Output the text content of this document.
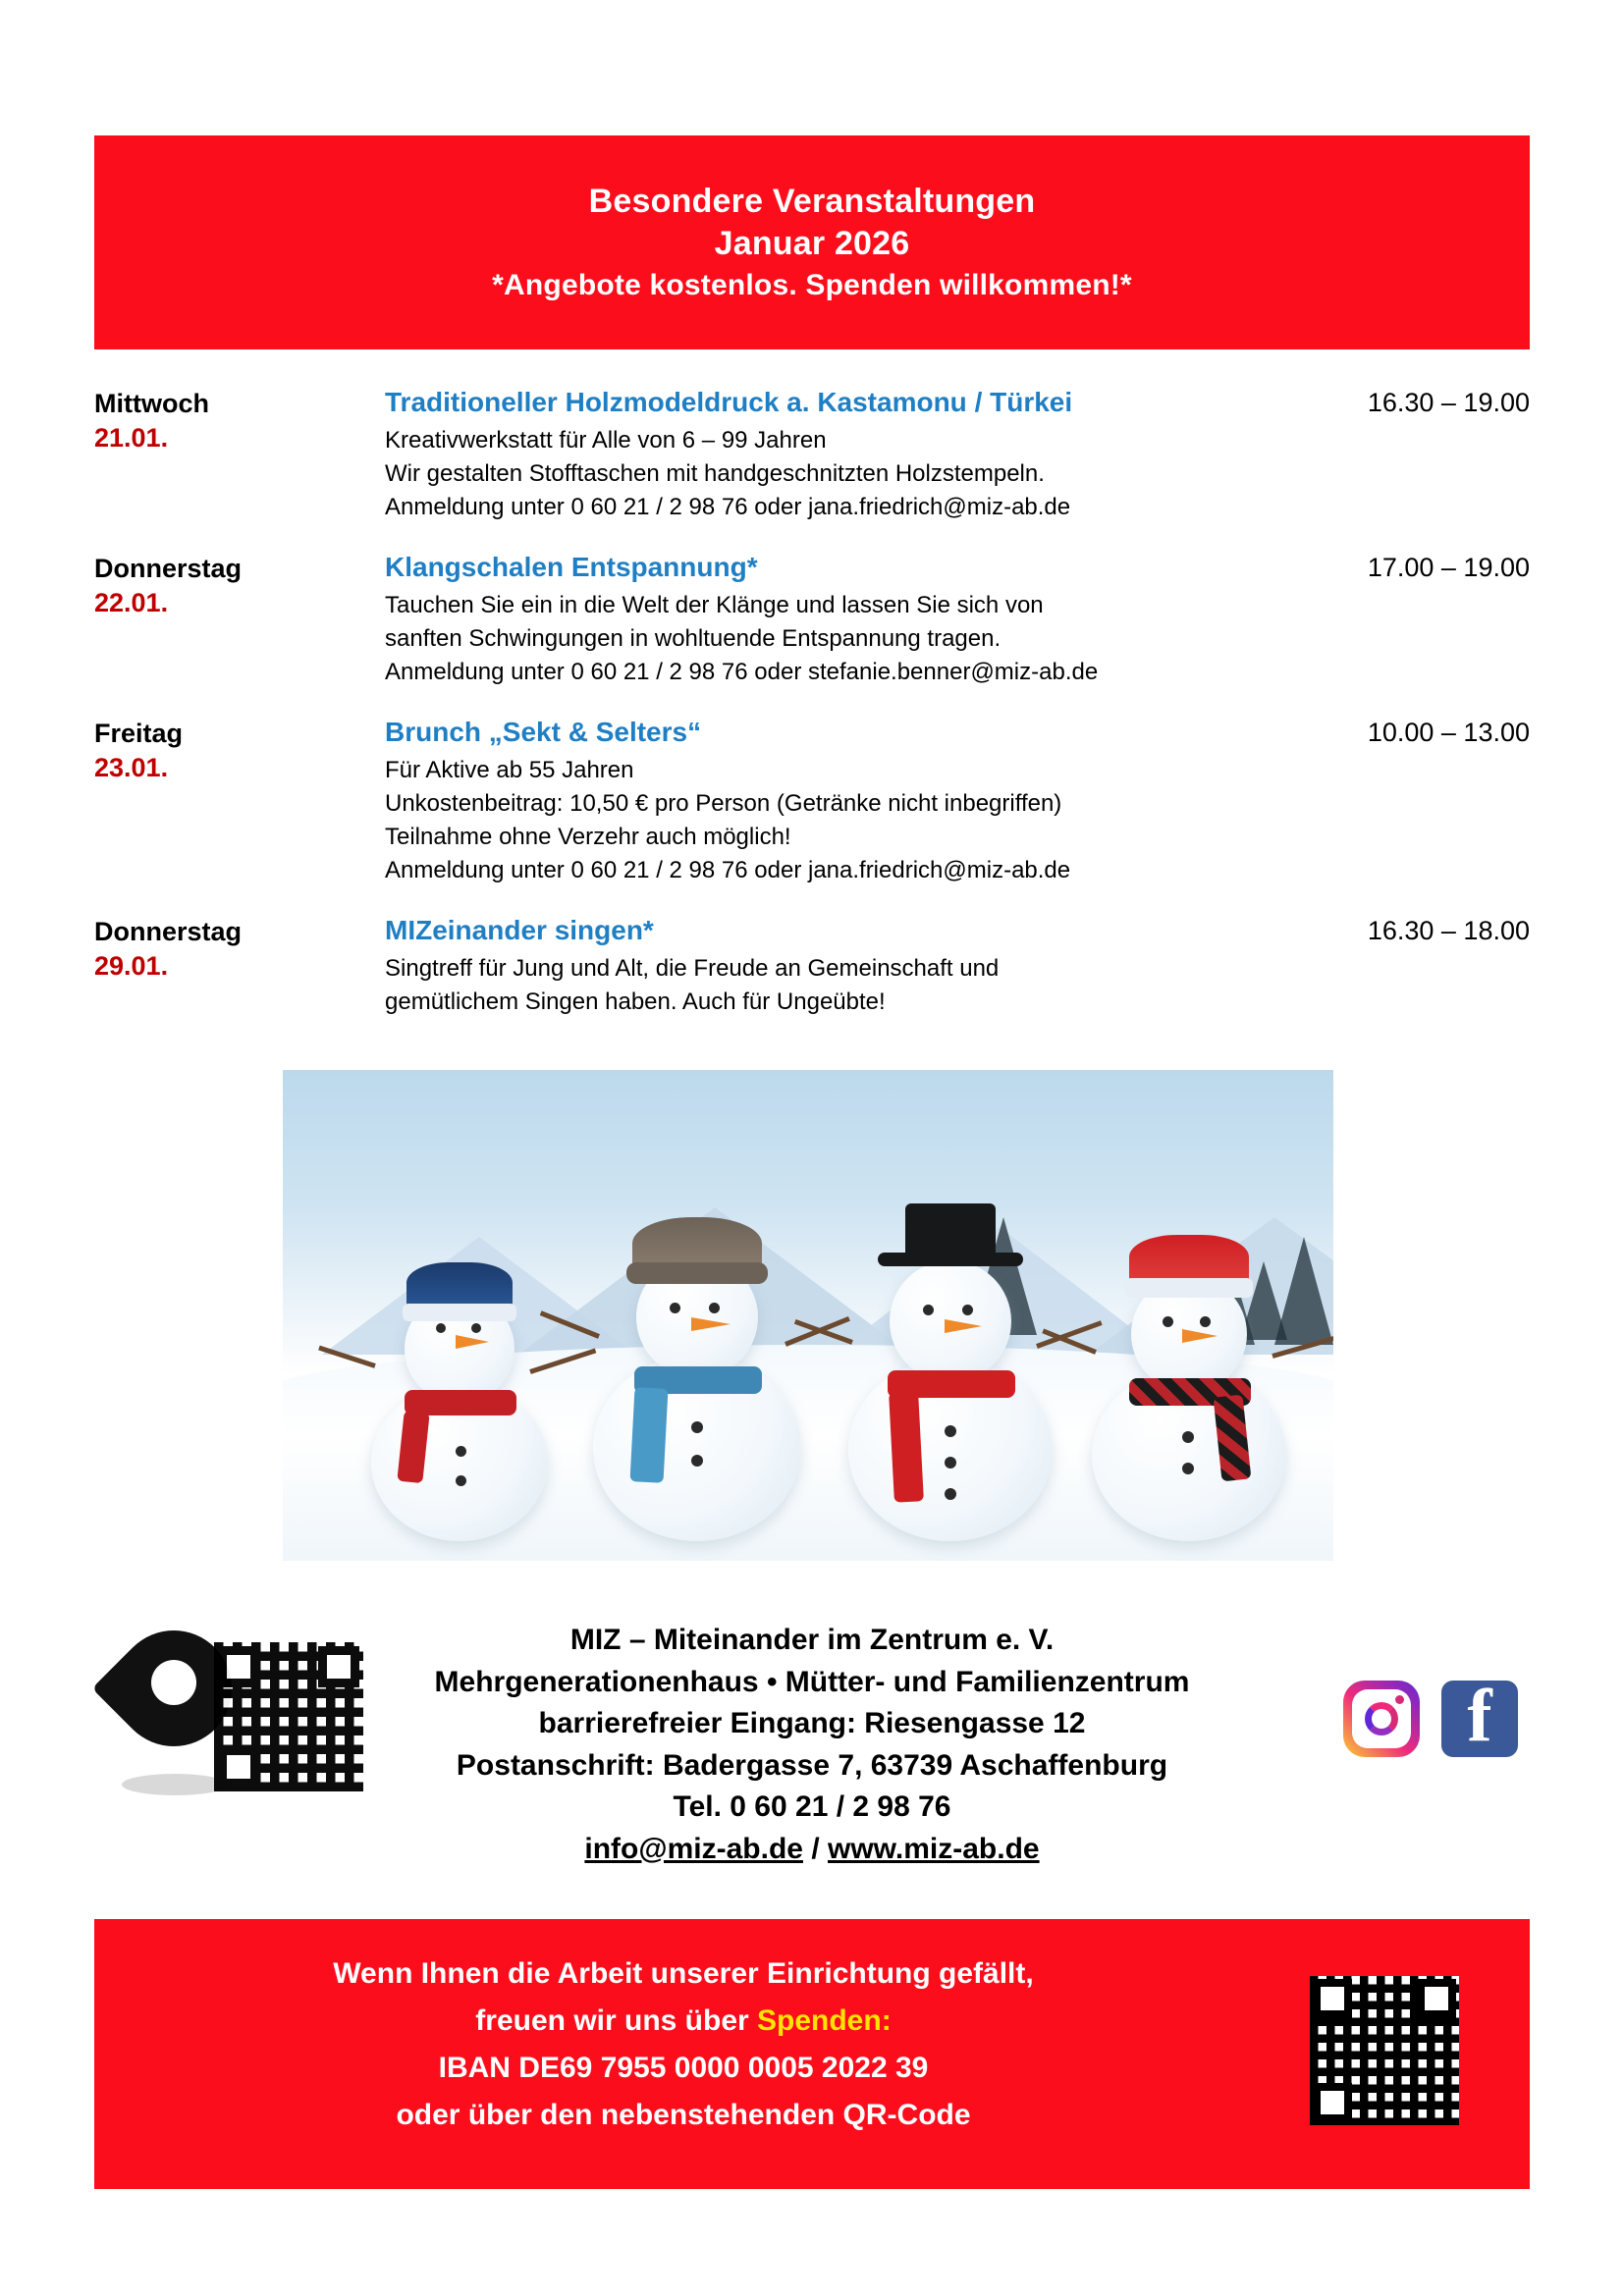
Besondere Veranstaltungen
Januar 2026
*Angebote kostenlos. Spenden willkommen!*
Mittwoch
21.01.
Traditioneller Holzmodeldruck a. Kastamonu / Türkei	16.30 – 19.00
Kreativwerkstatt für Alle von 6 – 99 Jahren
Wir gestalten Stofftaschen mit handgeschnitzten Holzstempeln.
Anmeldung unter 0 60 21 / 2 98 76 oder jana.friedrich@miz-ab.de
Donnerstag
22.01.
Klangschalen Entspannung*	17.00 – 19.00
Tauchen Sie ein in die Welt der Klänge und lassen Sie sich von
sanften Schwingungen in wohltuende Entspannung tragen.
Anmeldung unter 0 60 21 / 2 98 76 oder stefanie.benner@miz-ab.de
Freitag
23.01.
Brunch „Sekt & Selters“	10.00 – 13.00
Für Aktive ab 55 Jahren
Unkostenbeitrag: 10,50 € pro Person (Getränke nicht inbegriffen)
Teilnahme ohne Verzehr auch möglich!
Anmeldung unter 0 60 21 / 2 98 76 oder jana.friedrich@miz-ab.de
Donnerstag
29.01.
MIZeinander singen*	16.30 – 18.00
Singtreff für Jung und Alt, die Freude an Gemeinschaft und
gemütlichem Singen haben. Auch für Ungeübte!
MIZ – Miteinander im Zentrum e. V.
Mehrgenerationenhaus • Mütter- und Familienzentrum
barrierefreier Eingang: Riesengasse 12
Postanschrift: Badergasse 7, 63739 Aschaffenburg
Tel. 0 60 21 / 2 98 76
info@miz-ab.de / www.miz-ab.de
f
Wenn Ihnen die Arbeit unserer Einrichtung gefällt,
freuen wir uns über Spenden:
IBAN DE69 7955 0000 0005 2022 39
oder über den nebenstehenden QR-Code
